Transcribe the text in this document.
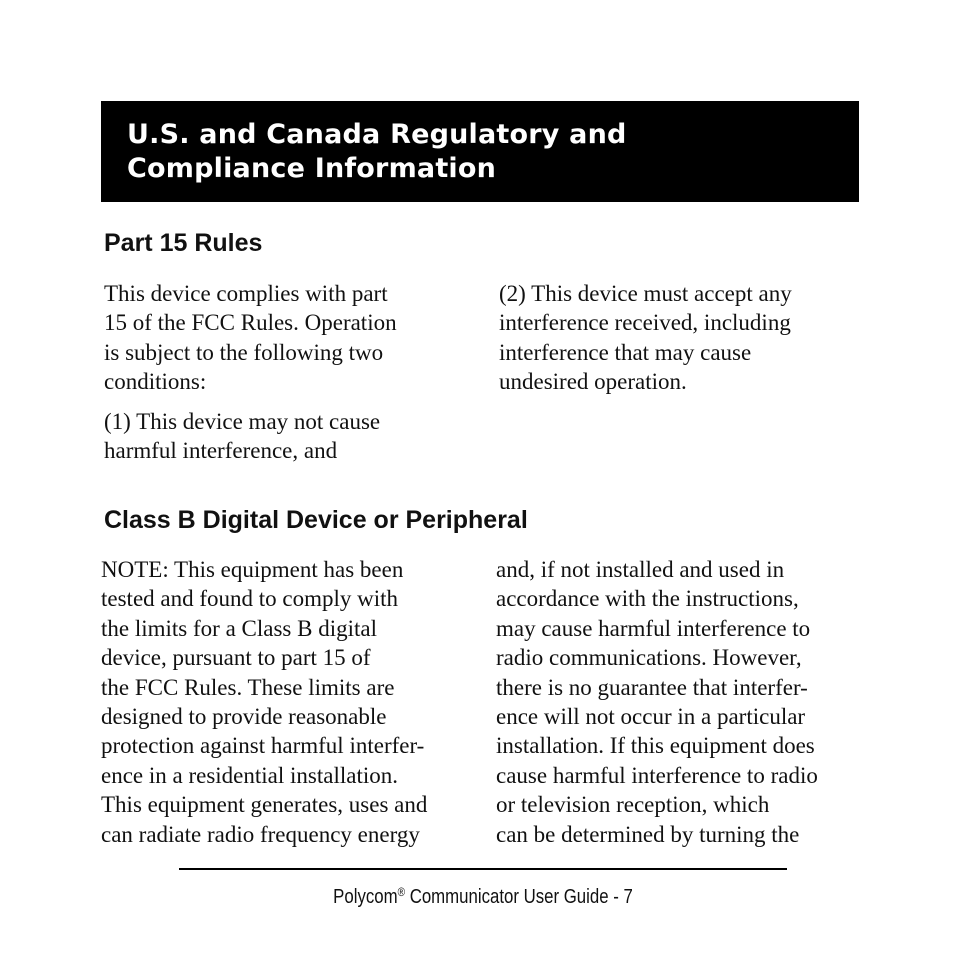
U.S. and Canada Regulatory and
Compliance Information
Part 15 Rules

This device complies with part
15 of the FCC Rules. Operation
is subject to the following two
conditions:

(1) This device may not cause
harmful interference, and

(2) This device must accept any
interference received, including
interference that may cause
undesired operation.

Class B Digital Device or Peripheral

NOTE: This equipment has been
tested and found to comply with
the limits for a Class B digital
device, pursuant to part 15 of
the FCC Rules. These limits are
designed to provide reasonable
protection against harmful interfer-
ence in a residential installation.
This equipment generates, uses and
can radiate radio frequency energy

and, if not installed and used in
accordance with the instructions,
may cause harmful interference to
radio communications. However,
there is no guarantee that interfer-
ence will not occur in a particular
installation. If this equipment does
cause harmful interference to radio
or television reception, which
can be determined by turning the

Polycom® Communicator User Guide - 7
